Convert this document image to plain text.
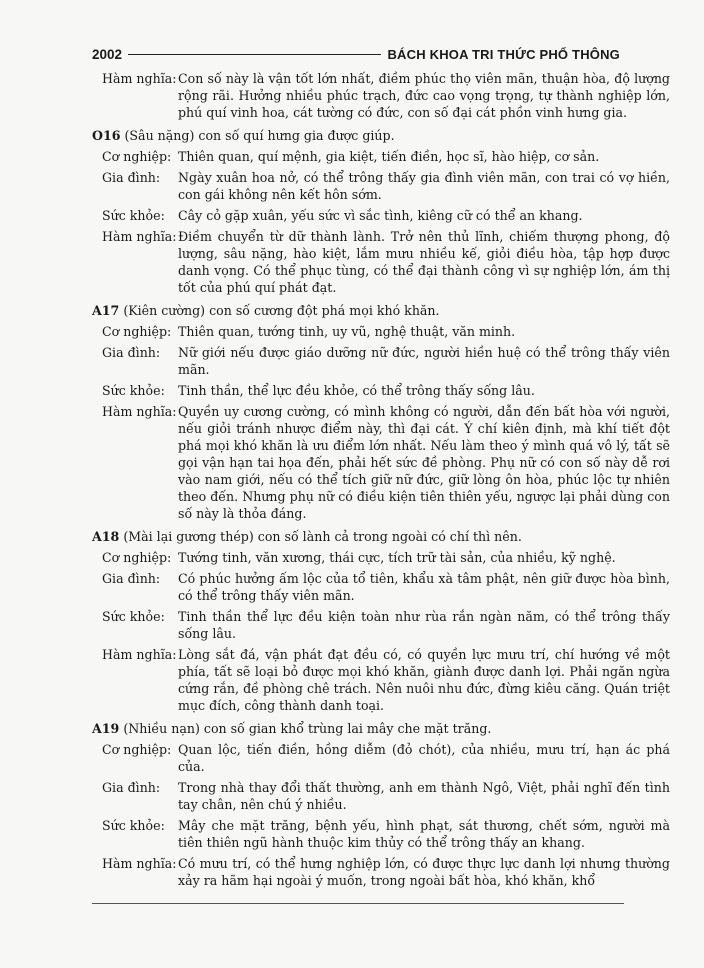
2002	BÁCH KHOA TRI THỨC PHỔ THÔNG
Hàm nghĩa: Con số này là vận tốt lớn nhất, điềm phúc thọ viên mãn, thuận hòa, độ lượng rộng rãi. Hưởng nhiều phúc trạch, đức cao vọng trọng, tự thành nghiệp lớn, phú quí vinh hoa, cát tường có đức, con số đại cát phồn vinh hưng gia.
O16 (Sâu nặng) con số quí hưng gia được giúp.
Cơ nghiệp: Thiên quan, quí mệnh, gia kiệt, tiến điền, học sĩ, hào hiệp, cơ sản.
Gia đình:	Ngày xuân hoa nở, có thể trông thấy gia đình viên mãn, con trai có vợ hiền, con gái không nên kết hôn sớm.
Sức khỏe:	Cây cỏ gặp xuân, yếu sức vì sắc tình, kiêng cữ có thể an khang.
Hàm nghĩa: Điềm chuyển từ dữ thành lành. Trở nên thủ lĩnh, chiếm thượng phong, độ lượng, sâu nặng, hào kiệt, lắm mưu nhiều kế, giỏi điều hòa, tập hợp được danh vọng. Có thể phục tùng, có thể đại thành công vì sự nghiệp lớn, ám thị tốt của phú quí phát đạt.
A17 (Kiên cường) con số cương đột phá mọi khó khăn.
Cơ nghiệp: Thiên quan, tướng tinh, uy vũ, nghệ thuật, văn minh.
Gia đình:	Nữ giới nếu được giáo dưỡng nữ đức, người hiền huệ có thể trông thấy viên mãn.
Sức khỏe:	Tinh thần, thể lực đều khỏe, có thể trông thấy sống lâu.
Hàm nghĩa: Quyền uy cương cường, có mình không có người, dẫn đến bất hòa với người, nếu giỏi tránh nhược điểm này, thì đại cát. Ý chí kiên định, mà khí tiết đột phá mọi khó khăn là ưu điểm lớn nhất. Nếu làm theo ý mình quá vô lý, tất sẽ gọi vận hạn tai họa đến, phải hết sức đề phòng. Phụ nữ có con số này dễ rơi vào nam giới, nếu có thể tích giữ nữ đức, giữ lòng ôn hòa, phúc lộc tự nhiên theo đến. Nhưng phụ nữ có điều kiện tiên thiên yếu, ngược lại phải dùng con số này là thỏa đáng.
A18 (Mài lại gương thép) con số lành cả trong ngoài có chí thì nên.
Cơ nghiệp: Tướng tinh, văn xương, thái cực, tích trữ tài sản, của nhiều, kỹ nghệ.
Gia đình:	Có phúc hưởng ấm lộc của tổ tiên, khẩu xà tâm phật, nên giữ được hòa bình, có thể trông thấy viên mãn.
Sức khỏe:	Tinh thần thể lực đều kiện toàn như rùa rắn ngàn năm, có thể trông thấy sống lâu.
Hàm nghĩa: Lòng sắt đá, vận phát đạt đều có, có quyền lực mưu trí, chí hướng về một phía, tất sẽ loại bỏ được mọi khó khăn, giành được danh lợi. Phải ngăn ngừa cứng rắn, đề phòng chê trách. Nên nuôi nhu đức, đừng kiêu căng. Quán triệt mục đích, công thành danh toại.
A19 (Nhiều nạn) con số gian khổ trùng lai mây che mặt trăng.
Cơ nghiệp: Quan lộc, tiến điền, hồng diễm (đỏ chót), của nhiều, mưu trí, hạn ác phá của.
Gia đình:	Trong nhà thay đổi thất thường, anh em thành Ngô, Việt, phải nghĩ đến tình tay chân, nên chú ý nhiều.
Sức khỏe:	Mây che mặt trăng, bệnh yếu, hình phạt, sát thương, chết sớm, người mà tiên thiên ngũ hành thuộc kim thủy có thể trông thấy an khang.
Hàm nghĩa: Có mưu trí, có thể hưng nghiệp lớn, có được thực lực danh lợi nhưng thường xảy ra hãm hại ngoài ý muốn, trong ngoài bất hòa, khó khăn, khổ
